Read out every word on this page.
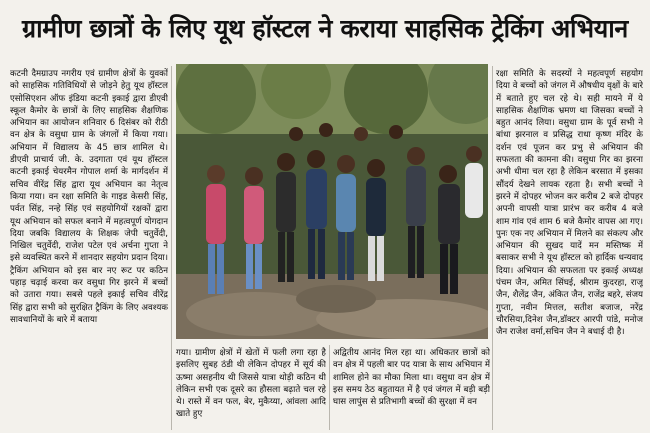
ग्रामीण छात्रों के लिए यूथ हॉस्टल ने कराया साहसिक ट्रेकिंग अभियान
कटनी दैमग्राउप नगरीय एवं ग्रामीण क्षेत्रों के युवकों को साहसिक गतिविधियों से जोड़ने हेतु यूथ हॉस्टल एसोसिएशन ऑफ इंडिया कटनी इकाई द्वारा डीएवी स्कूल कैमोर के छात्रों के लिए साहसिक शैक्षणिक अभियान का आयोजन शनिवार 6 दिसंबर को रीठी वन क्षेत्र के वसुधा ग्राम के जंगलों में किया गया। अभियान में विद्यालय के 45 छात्र शामिल थे। डीएवी प्राचार्य जी. के. उदगाता एवं यूथ हॉस्टल कटनी इकाई चेयरमैन गोपाल शर्मा के मार्गदर्शन में सचिव वीरेंद्र सिंह द्वारा यूथ अभियान का नेतृत्व किया गया। वन रक्षा समिति के गाइड केसरी सिंह, पर्वत सिंह, नन्हे सिंह एवं सहयोगियों रक्षकों द्वारा यूथ अभियान को सफल बनाने में महत्वपूर्ण योगदान दिया जबकि विद्यालय के शिक्षक जेपी चतुर्वेदी, निखिल चतुर्वेदी, राजेश पटेल एवं अर्चना गुप्ता ने इसे व्यवस्थित करने में शानदार सहयोग प्रदान दिया। ट्रैकिंग अभियान को इस बार नए रूट पर कठिन पहाड़ चढ़ाई करवा कर वसुधा गिर झरने में बच्चों को उतारा गया। सबसे पहले इकाई सचिव वीरेंद्र सिंह द्वारा सभी को सुरक्षित ट्रैकिंग के लिए अवश्यक सावधानियों के बारे में बताया
गया। ग्रामीण क्षेत्रों में खेतों में फली लगा रहा है इसलिए सुबह ठंडी थी लेकिन दोपहर में सूर्य की ऊष्मा असहनीय थी जिससे यात्रा थोड़ी कठिन थी लेकिन सभी एक दूसरे का हौसला बढ़ाते चल रहे थे। रास्ते में वन फल, बेर, मुकैय्या, आंवला आदि खाते हुए
अद्वितीय आनंद मिल रहा था। अधिकतर छात्रों को वन क्षेत्र में पहली बार पद यात्रा के साथ अभियान में शामिल होने का मौका मिला था। वसुधा वन क्षेत्र में इस समय ठेठ बहुतायत में है एवं जंगल में बड़ी बड़ी घास लापुंस से प्रतिभागी बच्चों की सुरक्षा में वन
रक्षा समिति के सदस्यों ने महत्वपूर्ण सहयोग दिया वे बच्चों को जंगल में औषधीय वृक्षों के बारे में बताते हुए चल रहे थे। सही मायने में ये साहसिक शैक्षणिक भ्रमण था जिसका बच्चों ने बहुत आनंद लिया। वसुधा ग्राम के पूर्व सभी ने बांधा झरनाल व प्रसिद्ध राधा कृष्ण मंदिर के दर्शन एवं पूजन कर प्रभु से अभियान की सफलता की कामना की। वसुधा गिर का झरना अभी धीमा चल रहा है लेकिन बरसात में इसका सौंदर्य देखने लायक रहता है। सभी बच्चों ने झरने में दोपहर भोजन कर करीब 2 बजे दोपहर अपनी वापसी यात्रा प्रारंभ कर करीब 4 बजे शाम गांव एवं शाम 6 बजे कैमोर वापस आ गए। पुनः एक नए अभियान में मिलने का संकल्प और अभियान की सुखद यादें मन मस्तिष्क में बसाकर सभी ने यूथ हॉस्टल को हार्दिक धन्यवाद दिया। अभियान की सफलता पर इकाई अध्यक्ष पंचम जैन, अमित सिंघई, श्रीराम कुदरहा, राजू जैन, शैलेंद्र जैन, अंकित जैन, राजेंद्र बहरे, संजय गुप्ता, नवीन मित्तल, सतीश बजाज, नरेंद्र चौरसिया,दिनेश जैन,डॉक्टर आरपी पांडे, मनोज जैन राजेश वर्मा,सचिन जैन ने बधाई दी है।
